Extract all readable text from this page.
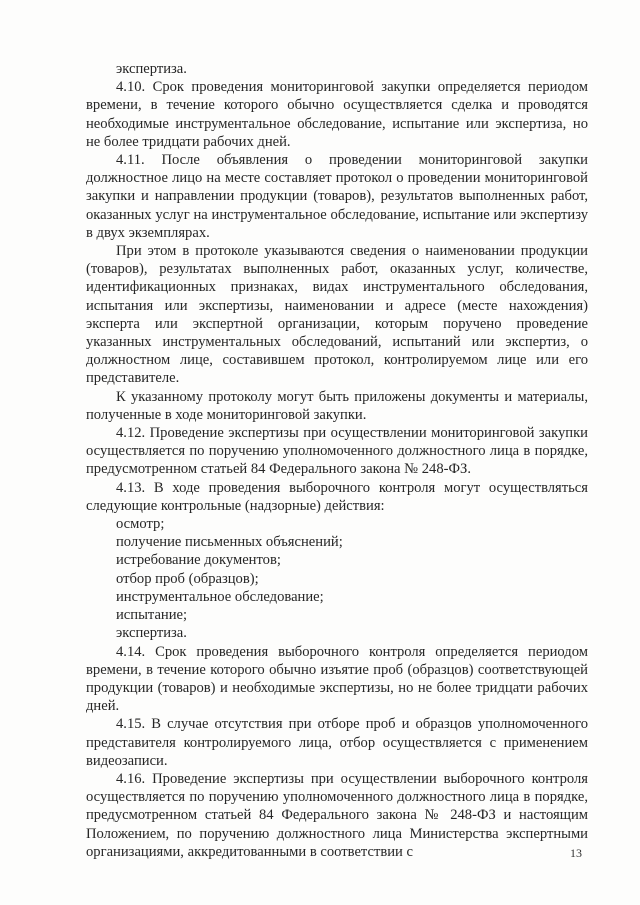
экспертиза.

4.10. Срок проведения мониторинговой закупки определяется периодом времени, в течение которого обычно осуществляется сделка и проводятся необходимые инструментальное обследование, испытание или экспертиза, но не более тридцати рабочих дней.

4.11. После объявления о проведении мониторинговой закупки должностное лицо на месте составляет протокол о проведении мониторинговой закупки и направлении продукции (товаров), результатов выполненных работ, оказанных услуг на инструментальное обследование, испытание или экспертизу в двух экземплярах.

При этом в протоколе указываются сведения о наименовании продукции (товаров), результатах выполненных работ, оказанных услуг, количестве, идентификационных признаках, видах инструментального обследования, испытания или экспертизы, наименовании и адресе (месте нахождения) эксперта или экспертной организации, которым поручено проведение указанных инструментальных обследований, испытаний или экспертиз, о должностном лице, составившем протокол, контролируемом лице или его представителе.

К указанному протоколу могут быть приложены документы и материалы, полученные в ходе мониторинговой закупки.

4.12. Проведение экспертизы при осуществлении мониторинговой закупки осуществляется по поручению уполномоченного должностного лица в порядке, предусмотренном статьей 84 Федерального закона № 248-ФЗ.

4.13. В ходе проведения выборочного контроля могут осуществляться следующие контрольные (надзорные) действия:

осмотр;

получение письменных объяснений;

истребование документов;

отбор проб (образцов);

инструментальное обследование;

испытание;

экспертиза.

4.14. Срок проведения выборочного контроля определяется периодом времени, в течение которого обычно изъятие проб (образцов) соответствующей продукции (товаров) и необходимые экспертизы, но не более тридцати рабочих дней.

4.15. В случае отсутствия при отборе проб и образцов уполномоченного представителя контролируемого лица, отбор осуществляется с применением видеозаписи.

4.16. Проведение экспертизы при осуществлении выборочного контроля осуществляется по поручению уполномоченного должностного лица в порядке, предусмотренном статьей 84 Федерального закона № 248-ФЗ и настоящим Положением, по поручению должностного лица Министерства экспертными организациями, аккредитованными в соответствии с	13
